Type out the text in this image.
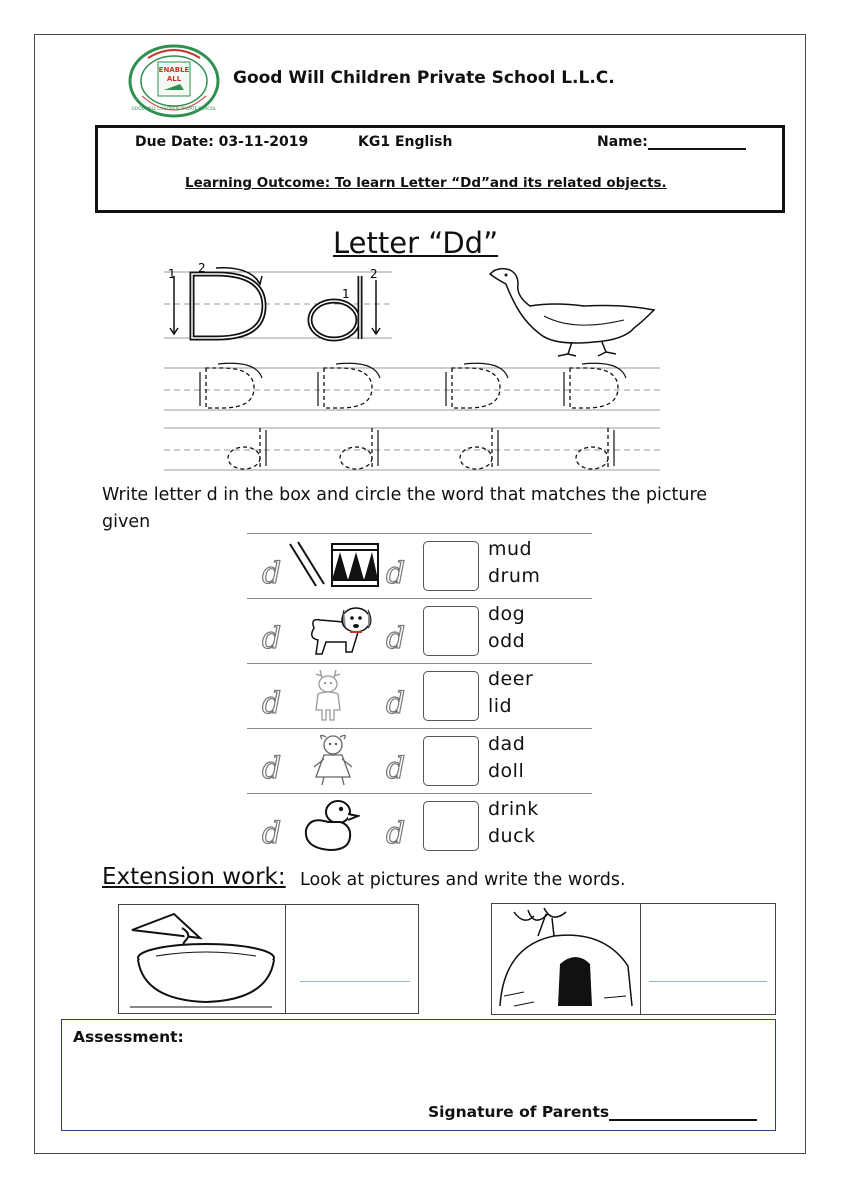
ENABLE
ALL
GOOD WILL CHILDREN PRIVATE SCHOOL
Good Will Children Private School L.L.C.
Due Date: 03-11-2019	KG1 English	Name:
Learning Outcome: To learn Letter “Dd”and its related objects.
Letter “Dd”
1 2
1
2
Write letter d in the box and circle the word that matches the picture given
d	d
mud
drum
d	d
dog
odd
d	d
deer
lid
d	d
dad
doll
d	d
drink
duck
Extension work: Look at pictures and write the words.
Assessment:
Signature of Parents
